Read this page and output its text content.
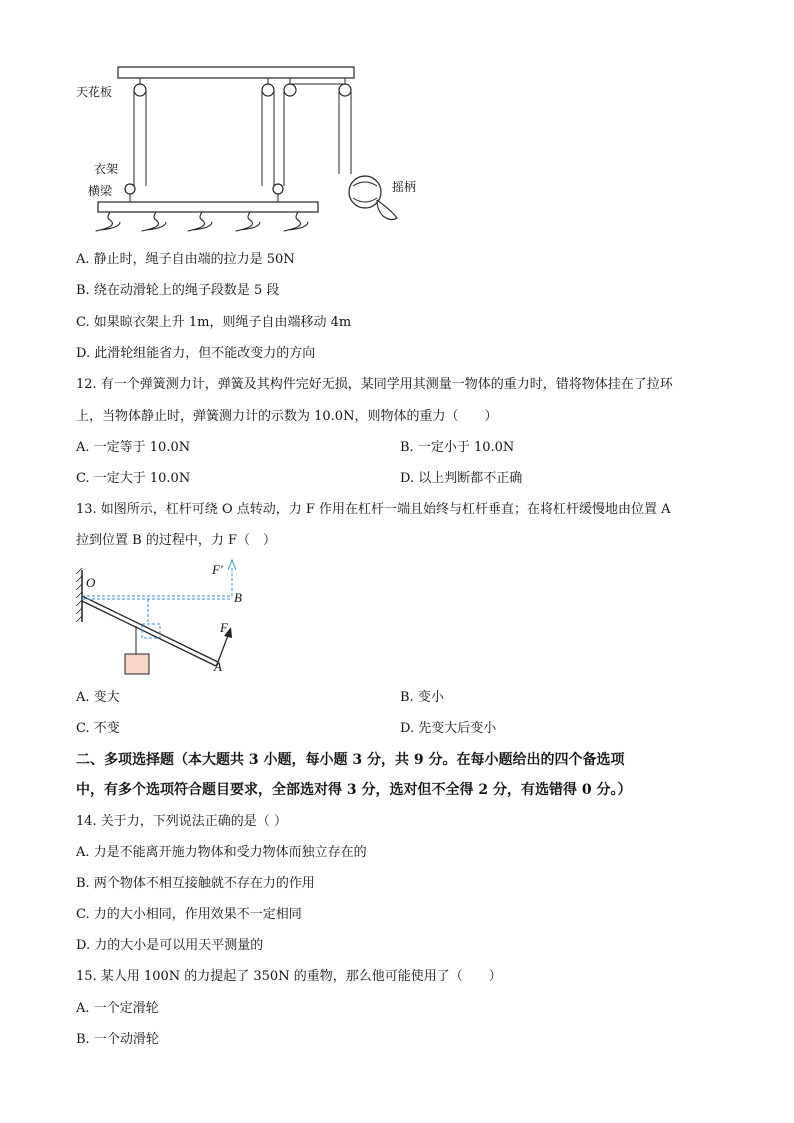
天花板
衣架
横梁	摇柄
A. 静止时，绳子自由端的拉力是 50N
B. 绕在动滑轮上的绳子段数是 5 段
C. 如果晾衣架上升 1m，则绳子自由端移动 4m
D. 此滑轮组能省力，但不能改变力的方向
12. 有一个弹簧测力计，弹簧及其构件完好无损，某同学用其测量一物体的重力时，错将物体挂在了拉环
上，当物体静止时，弹簧测力计的示数为 10.0N，则物体的重力（　　）
A. 一定等于 10.0N	B. 一定小于 10.0N
C. 一定大于 10.0N	D. 以上判断都不正确
13. 如图所示，杠杆可绕 O 点转动，力 F 作用在杠杆一端且始终与杠杆垂直；在将杠杆缓慢地由位置 A
拉到位置 B 的过程中，力 F（　）
O
F′
B
F
A
A. 变大	B. 变小
C. 不变	D. 先变大后变小
二、多项选择题（本大题共 3 小题，每小题 3 分，共 9 分。在每小题给出的四个备选项
中，有多个选项符合题目要求，全部选对得 3 分，选对但不全得 2 分，有选错得 0 分。）
14. 关于力，下列说法正确的是（ ）
A. 力是不能离开施力物体和受力物体而独立存在的
B. 两个物体不相互接触就不存在力的作用
C. 力的大小相同，作用效果不一定相同
D. 力的大小是可以用天平测量的
15. 某人用 100N 的力提起了 350N 的重物，那么他可能使用了（　　）
A. 一个定滑轮
B. 一个动滑轮
